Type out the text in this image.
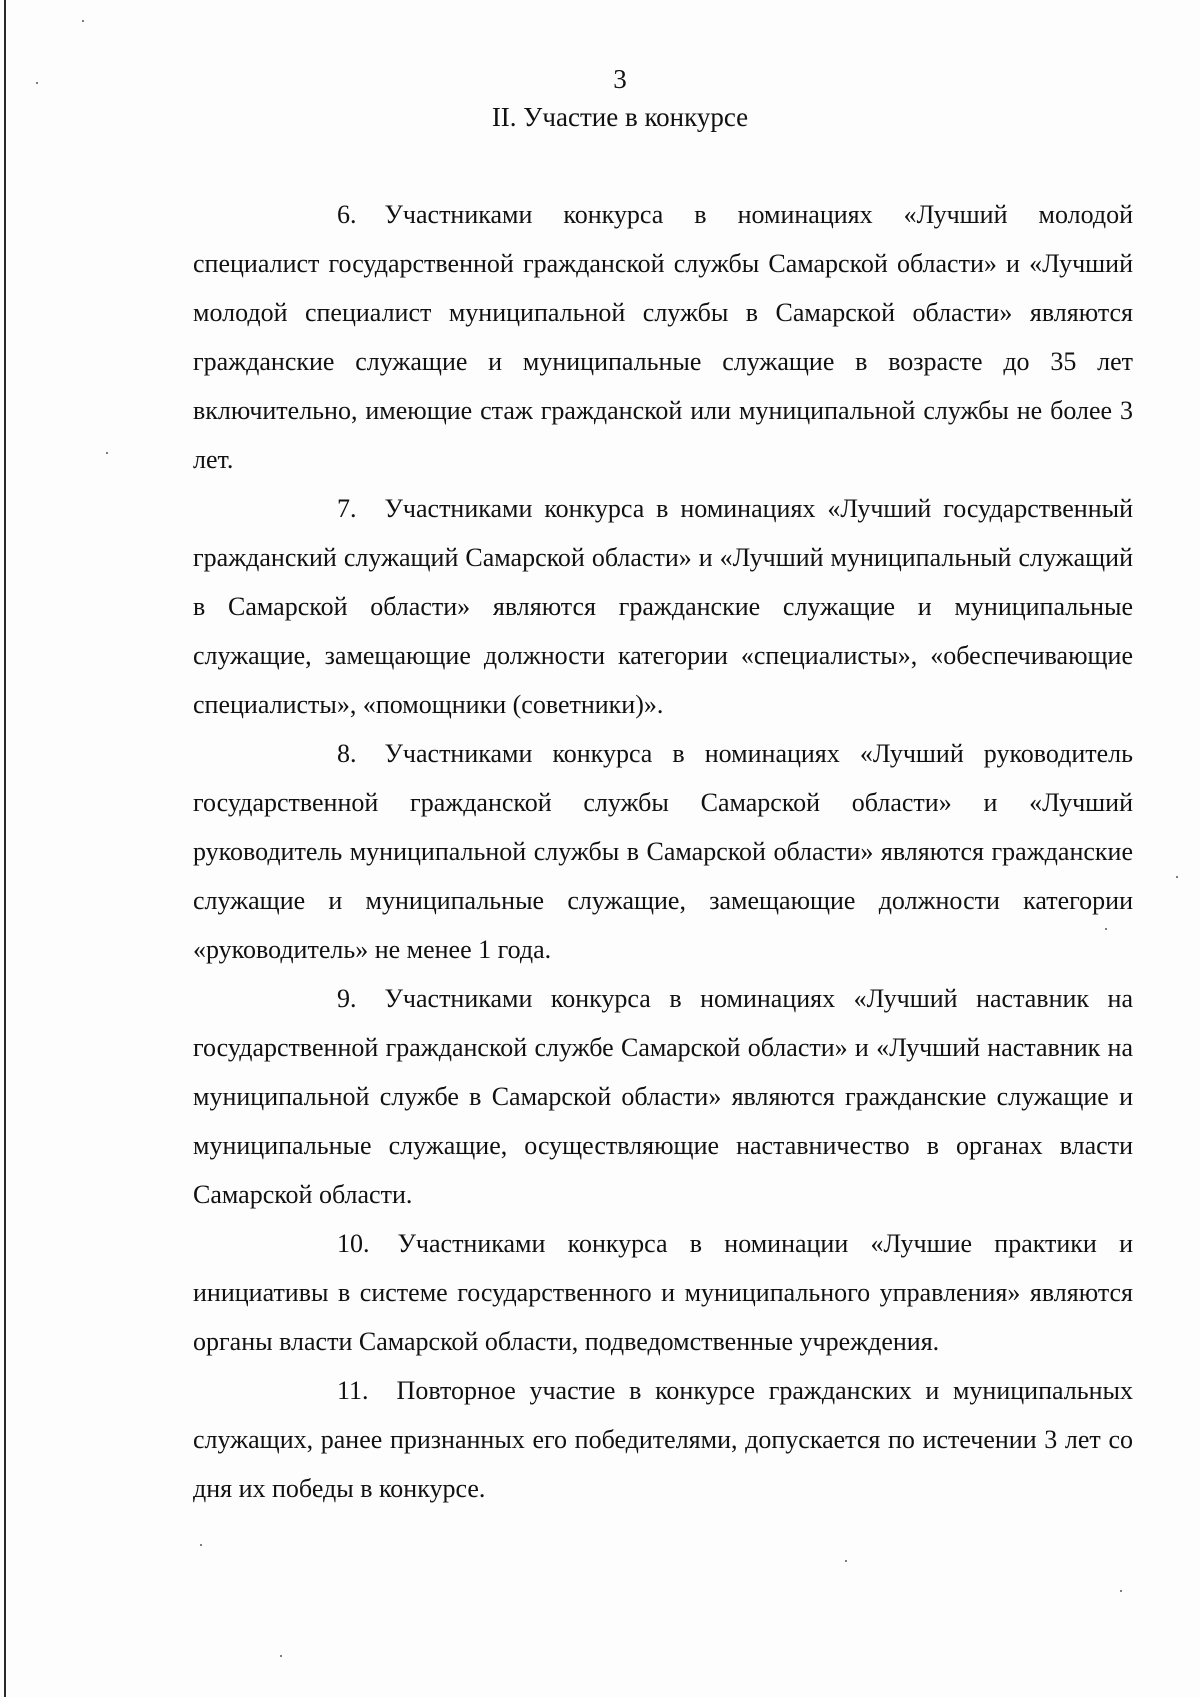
3
II. Участие в конкурсе

6. Участниками конкурса в номинациях «Лучший молодой специалист государственной гражданской службы Самарской области» и «Лучший молодой специалист муниципальной службы в Самарской области» являются гражданские служащие и муниципальные служащие в возрасте до 35 лет включительно, имеющие стаж гражданской или муниципальной службы не более 3 лет.

7. Участниками конкурса в номинациях «Лучший государственный гражданский служащий Самарской области» и «Лучший муниципальный служащий в Самарской области» являются гражданские служащие и муниципальные служащие, замещающие должности категории «специалисты», «обеспечивающие специалисты», «помощники (советники)».

8. Участниками конкурса в номинациях «Лучший руководитель государственной гражданской службы Самарской области» и «Лучший руководитель муниципальной службы в Самарской области» являются гражданские служащие и муниципальные служащие, замещающие должности категории «руководитель» не менее 1 года.

9. Участниками конкурса в номинациях «Лучший наставник на государственной гражданской службе Самарской области» и «Лучший наставник на муниципальной службе в Самарской области» являются гражданские служащие и муниципальные служащие, осуществляющие наставничество в органах власти Самарской области.

10. Участниками конкурса в номинации «Лучшие практики и инициативы в системе государственного и муниципального управления» являются органы власти Самарской области, подведомственные учреждения.

11. Повторное участие в конкурсе гражданских и муниципальных служащих, ранее признанных его победителями, допускается по истечении 3 лет со дня их победы в конкурсе.
